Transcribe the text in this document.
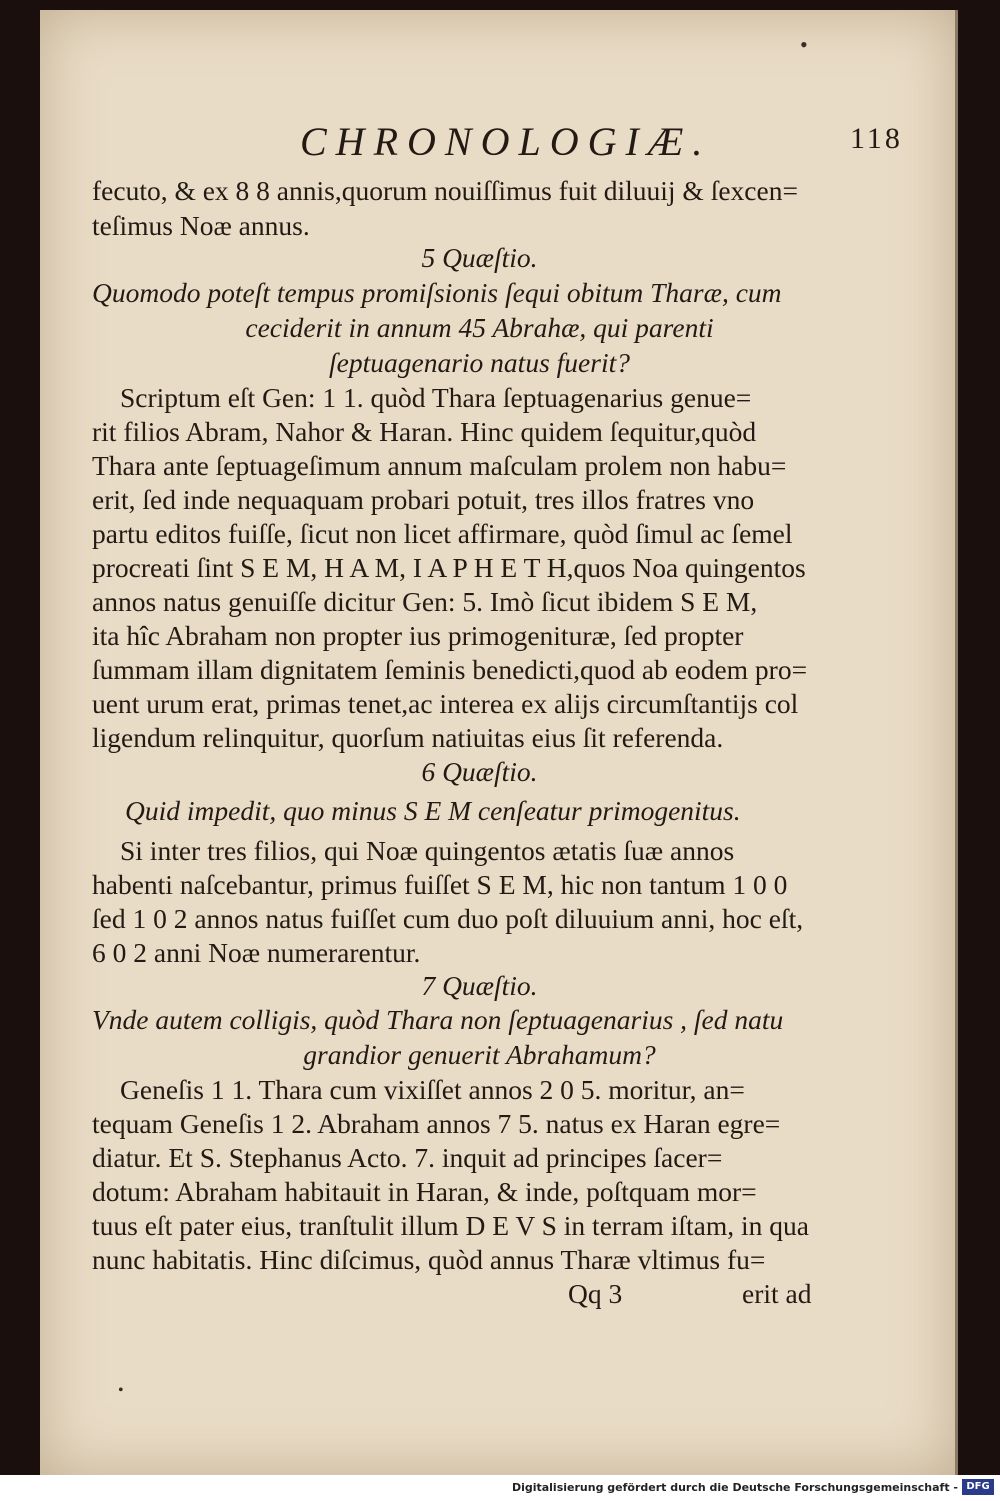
CHRONOLOGIÆ.	118
fecuto, & ex 8 8 annis,quorum nouiſſimus fuit diluuij & ſexcen=
teſimus Noæ annus.
5 Quæſtio.
Quomodo poteſt tempus promiſsionis ſequi obitum Tharæ, cum
ceciderit in annum 45 Abrahæ, qui parenti
ſeptuagenario natus fuerit?
Scriptum eſt Gen: 1 1. quòd Thara ſeptuagenarius genue=
rit filios Abram, Nahor & Haran. Hinc quidem ſequitur,quòd
Thara ante ſeptuageſimum annum maſculam prolem non habu=
erit, ſed inde nequaquam probari potuit, tres illos fratres vno
partu editos fuiſſe, ſicut non licet affirmare, quòd ſimul ac ſemel
procreati ſint S E M, H A M, I A P H E T H,quos Noa quingentos
annos natus genuiſſe dicitur Gen: 5. Imò ſicut ibidem S E M,
ita hîc Abraham non propter ius primogenituræ, ſed propter
ſummam illam dignitatem ſeminis benedicti,quod ab eodem pro=
uent urum erat, primas tenet,ac interea ex alijs circumſtantijs col
ligendum relinquitur, quorſum natiuitas eius ſit referenda.
6 Quæſtio.
Quid impedit, quo minus S E M cenſeatur primogenitus.
Si inter tres filios, qui Noæ quingentos ætatis ſuæ annos
habenti naſcebantur, primus fuiſſet S E M, hic non tantum 1 0 0
ſed 1 0 2 annos natus fuiſſet cum duo poſt diluuium anni, hoc eſt,
6 0 2 anni Noæ numerarentur.
7 Quæſtio.
Vnde autem colligis, quòd Thara non ſeptuagenarius , ſed natu
grandior genuerit Abrahamum?
Geneſis 1 1. Thara cum vixiſſet annos 2 0 5. moritur, an=
tequam Geneſis 1 2. Abraham annos 7 5. natus ex Haran egre=
diatur. Et S. Stephanus Acto. 7. inquit ad principes ſacer=
dotum: Abraham habitauit in Haran, & inde, poſtquam mor=
tuus eſt pater eius, tranſtulit illum D E V S in terram iſtam, in qua
nunc habitatis. Hinc diſcimus, quòd annus Tharæ vltimus fu=
erit ad
Qq 3
•
•
Digitalisierung gefördert durch die Deutsche Forschungsgemeinschaft - DFG
